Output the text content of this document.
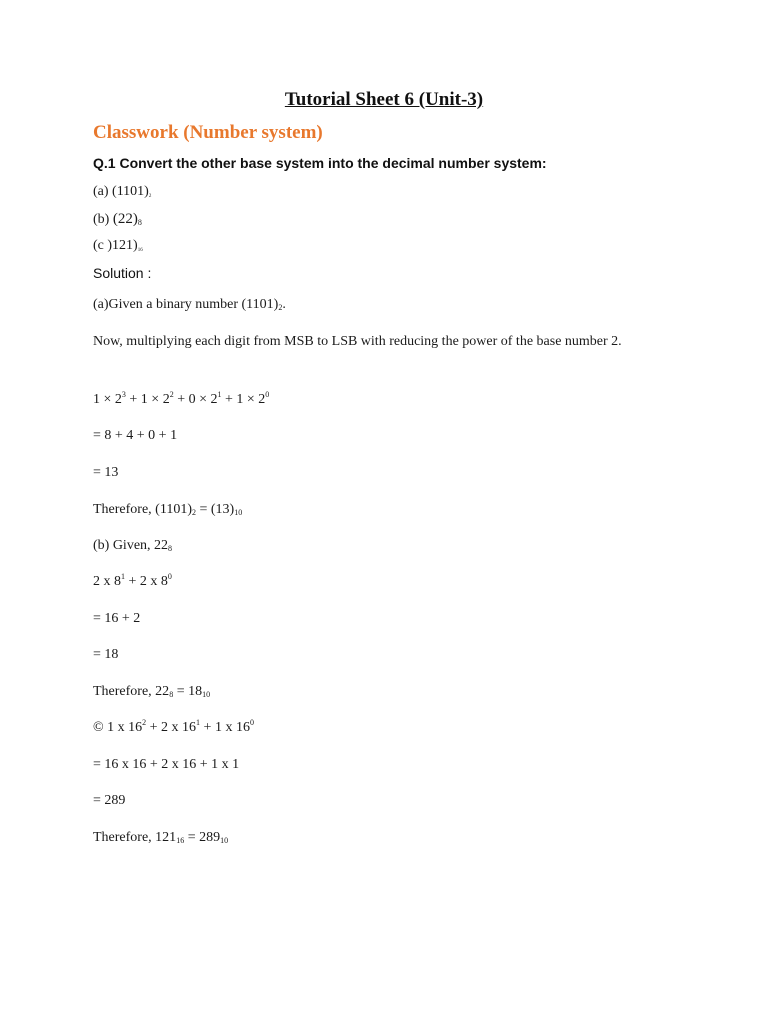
Tutorial Sheet 6 (Unit-3)
Classwork (Number system)
Q.1 Convert the other base system into the decimal number system:
(a) (1101)2
(b) $(22)_8$
(c )121)16
Solution :
(a)Given a binary number $(1101)_2$.
Now, multiplying each digit from MSB to LSB with reducing the power of the base number 2.
$1 \times 2^3 + 1 \times 2^2 + 0 \times 2^1 + 1 \times 2^0$
= 8 + 4 + 0 + 1
= 13
Therefore, $(1101)_2 = (13)_{10}$
(b) Given, $22_8$
2 x $8^1 + 2$ x $8^0$
= 16 + 2
= 18
Therefore, $22_8 = 18_{10}$
© 1 x $16^2 + 2$ x $16^1 + 1$ x $16^0$
= 16 x 16 + 2 x 16 + 1 x 1
= 289
Therefore, $121_{16} = 289_{10}$
